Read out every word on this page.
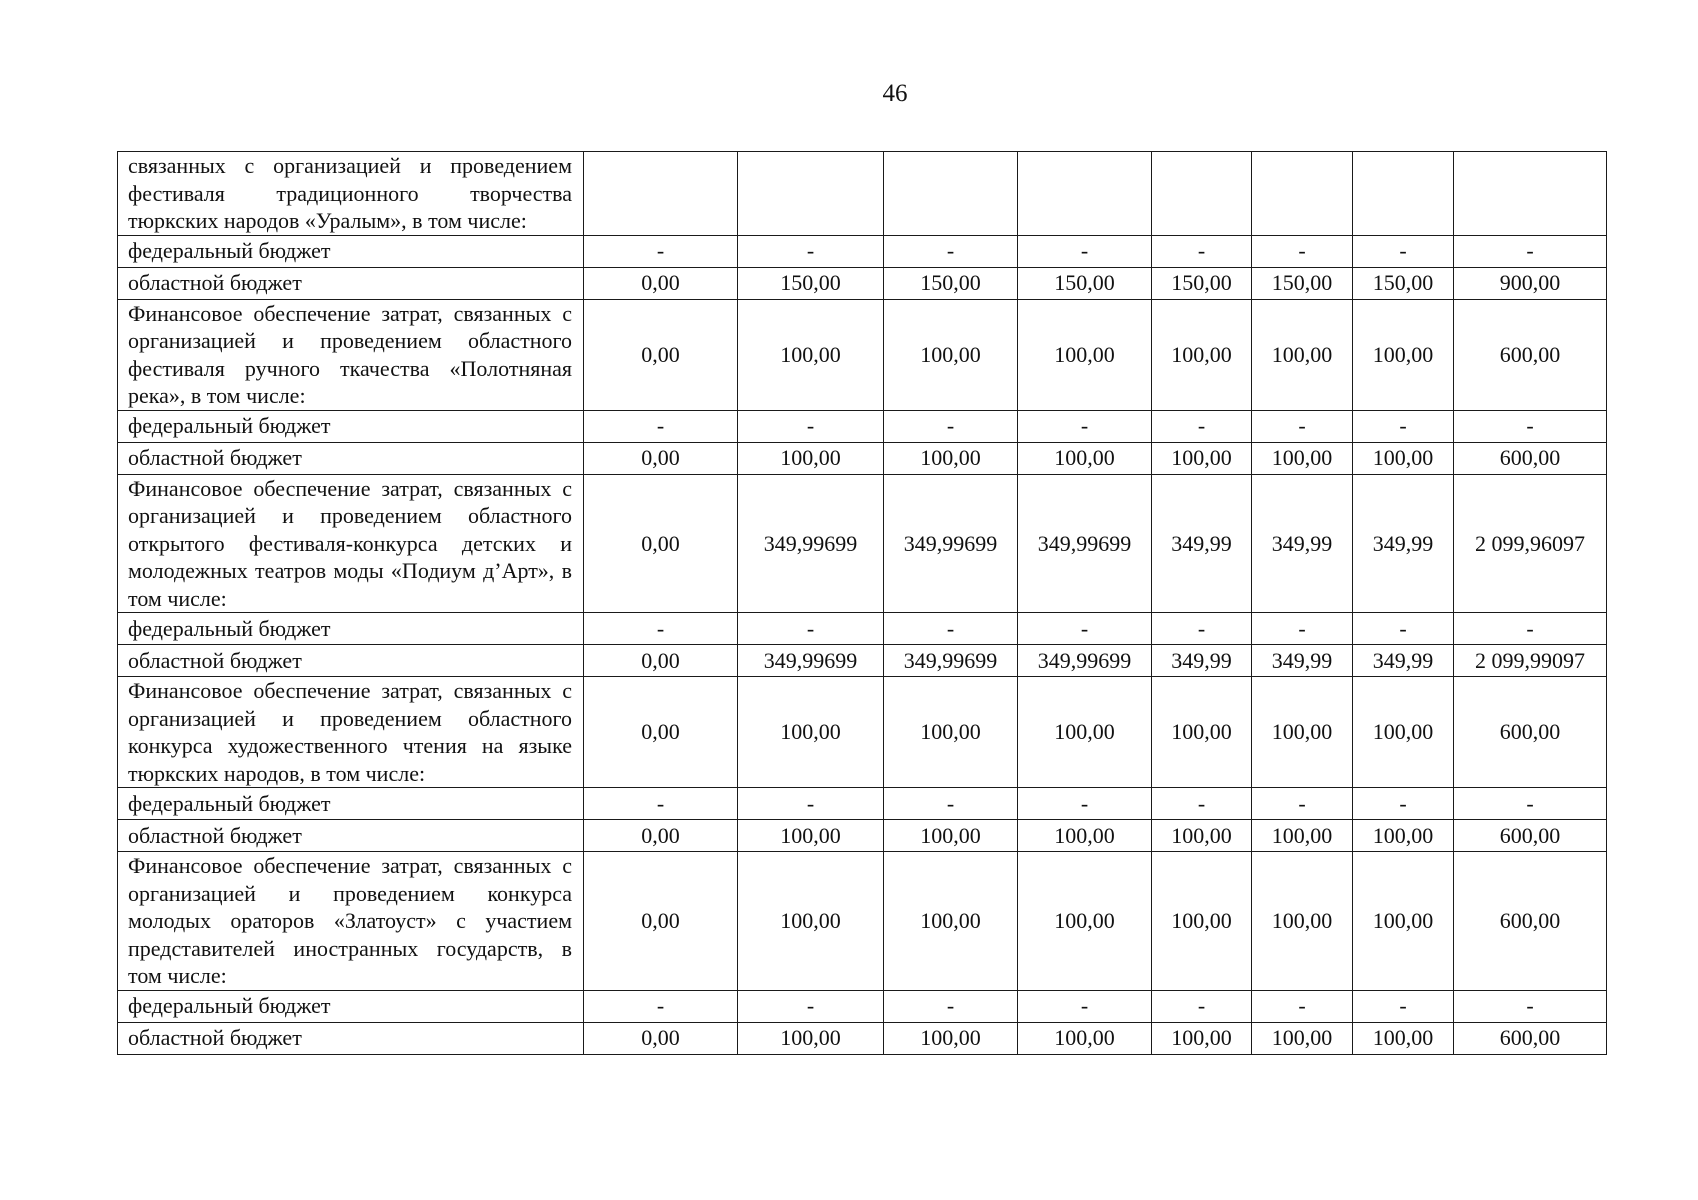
46
связанных с организацией и проведением фестиваля традиционного творчества тюркских народов «Уралым», в том числе:								
федеральный бюджет	-	-	-	-	-	-	-	-
областной бюджет	0,00	150,00	150,00	150,00	150,00	150,00	150,00	900,00
Финансовое обеспечение затрат, связанных с организацией и проведением областного фестиваля ручного ткачества «Полотняная река», в том числе:	0,00	100,00	100,00	100,00	100,00	100,00	100,00	600,00
федеральный бюджет	-	-	-	-	-	-	-	-
областной бюджет	0,00	100,00	100,00	100,00	100,00	100,00	100,00	600,00
Финансовое обеспечение затрат, связанных с организацией и проведением областного открытого фестиваля-конкурса детских и молодежных театров моды «Подиум д’Арт», в том числе:	0,00	349,99699	349,99699	349,99699	349,99	349,99	349,99	2 099,96097
федеральный бюджет	-	-	-	-	-	-	-	-
областной бюджет	0,00	349,99699	349,99699	349,99699	349,99	349,99	349,99	2 099,99097
Финансовое обеспечение затрат, связанных с организацией и проведением областного конкурса художественного чтения на языке тюркских народов, в том числе:	0,00	100,00	100,00	100,00	100,00	100,00	100,00	600,00
федеральный бюджет	-	-	-	-	-	-	-	-
областной бюджет	0,00	100,00	100,00	100,00	100,00	100,00	100,00	600,00
Финансовое обеспечение затрат, связанных с организацией и проведением конкурса молодых ораторов «Златоуст» с участием представителей иностранных государств, в том числе:	0,00	100,00	100,00	100,00	100,00	100,00	100,00	600,00
федеральный бюджет	-	-	-	-	-	-	-	-
областной бюджет	0,00	100,00	100,00	100,00	100,00	100,00	100,00	600,00
